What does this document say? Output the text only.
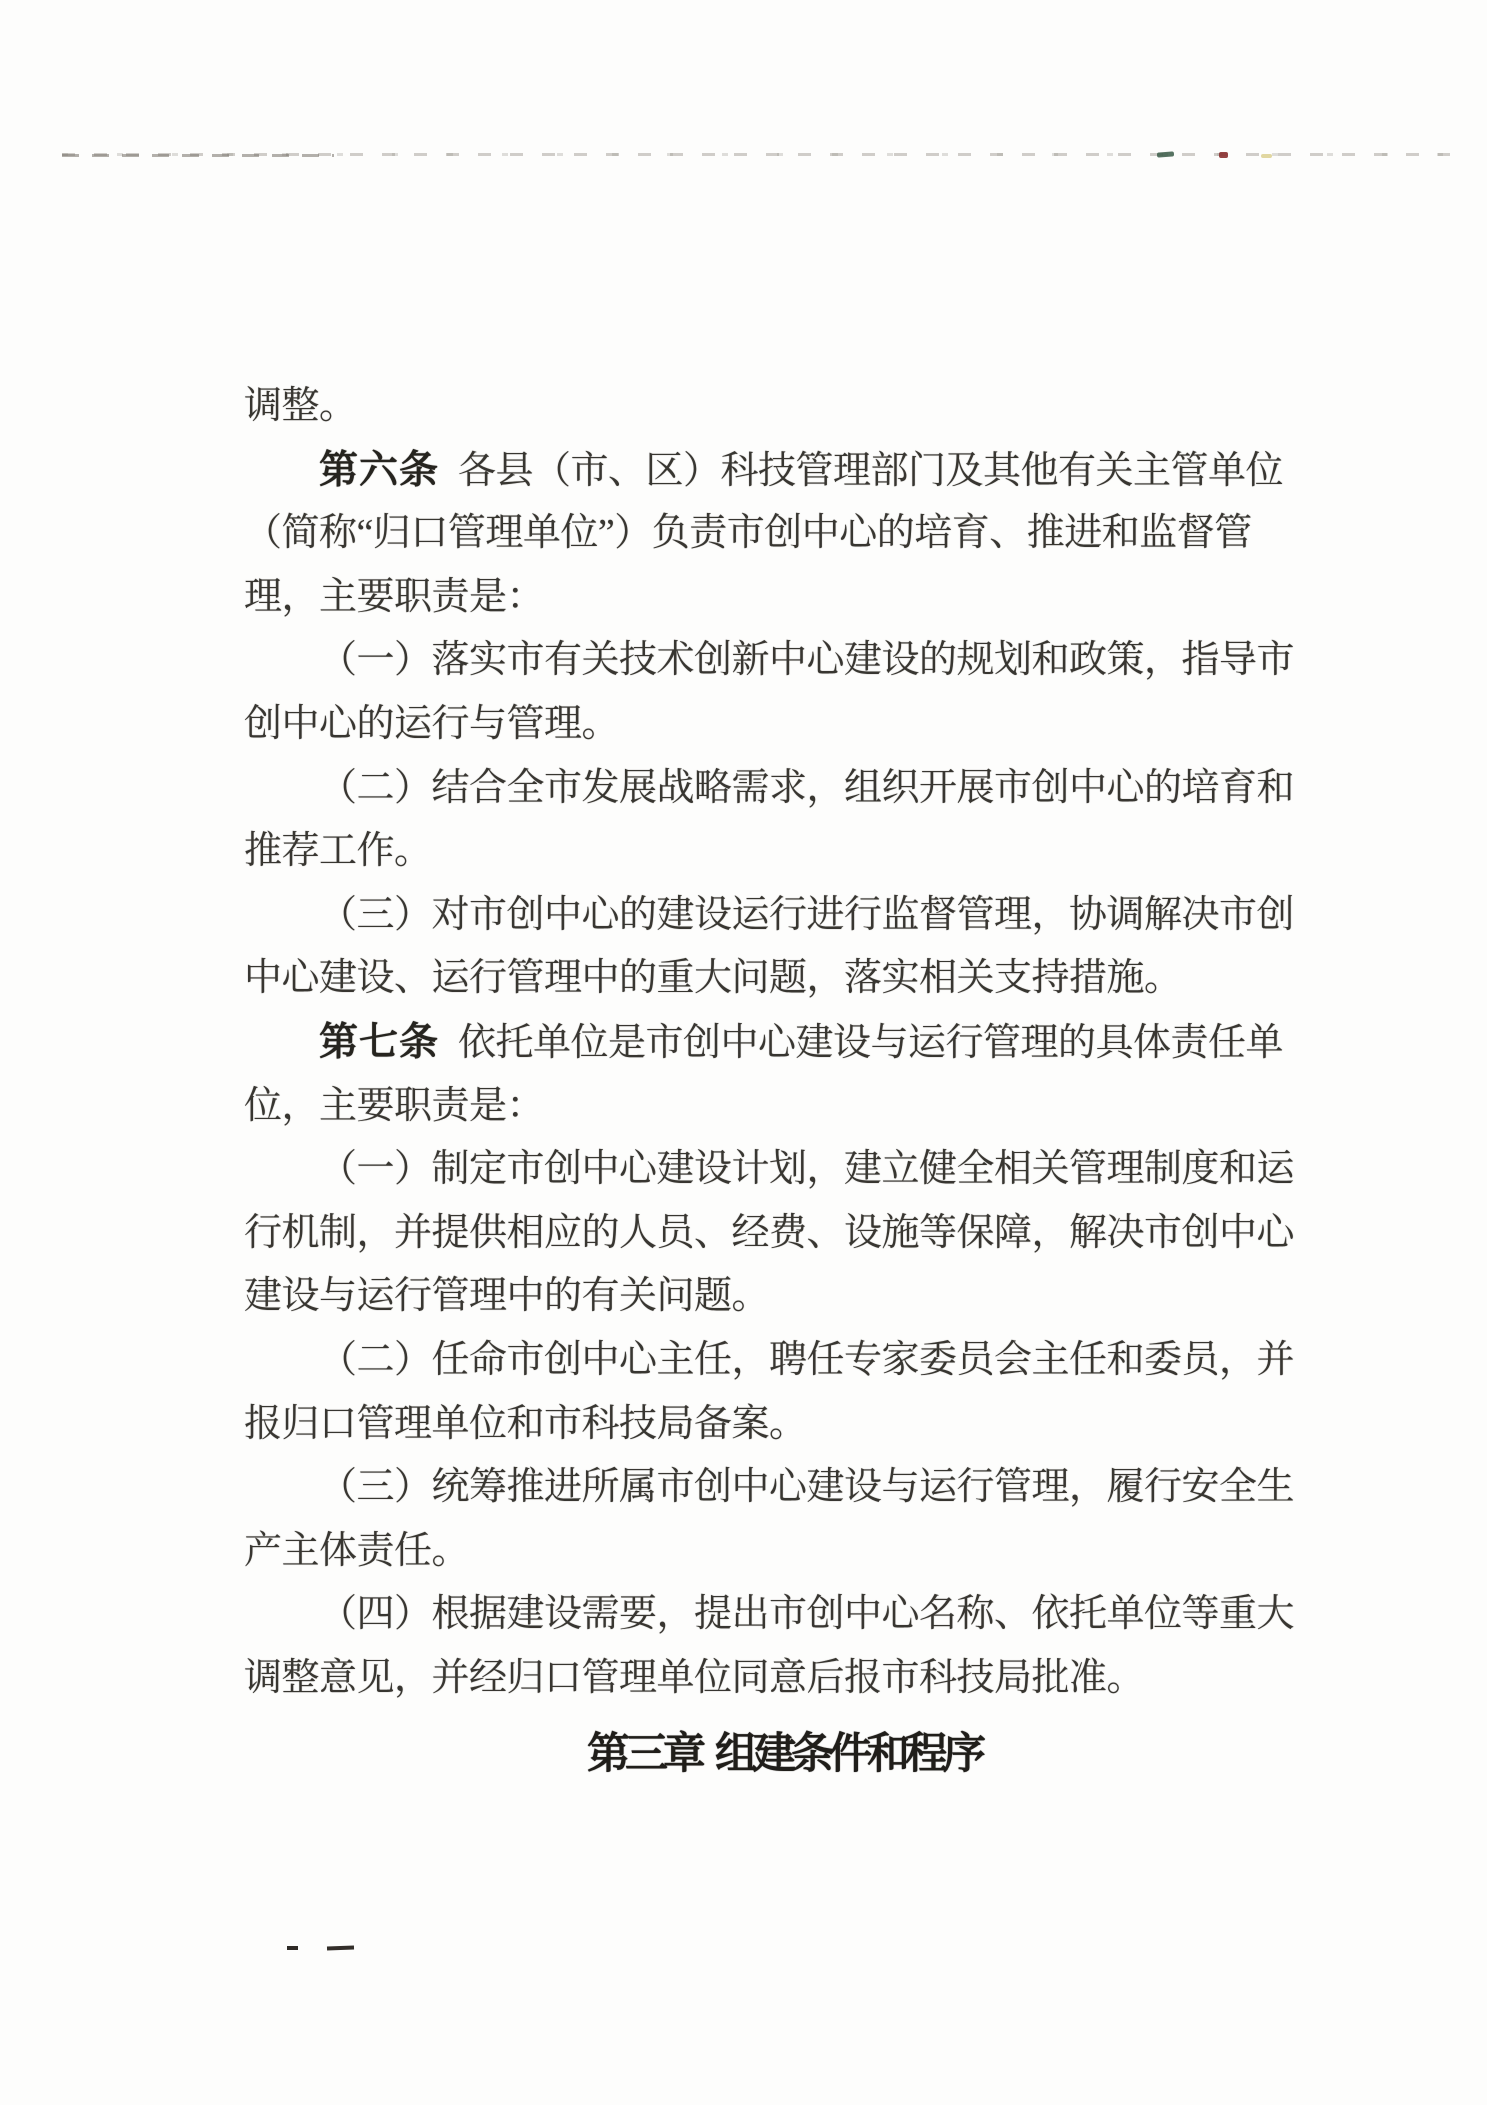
调整。
第六条 各县（市、区）科技管理部门及其他有关主管单位
（简称“归口管理单位”）负责市创中心的培育、推进和监督管
理，主要职责是：
（一）落实市有关技术创新中心建设的规划和政策，指导市
创中心的运行与管理。
（二）结合全市发展战略需求，组织开展市创中心的培育和
推荐工作。
（三）对市创中心的建设运行进行监督管理，协调解决市创
中心建设、运行管理中的重大问题，落实相关支持措施。
第七条 依托单位是市创中心建设与运行管理的具体责任单
位，主要职责是：
（一）制定市创中心建设计划，建立健全相关管理制度和运
行机制，并提供相应的人员、经费、设施等保障，解决市创中心
建设与运行管理中的有关问题。
（二）任命市创中心主任，聘任专家委员会主任和委员，并
报归口管理单位和市科技局备案。
（三）统筹推进所属市创中心建设与运行管理，履行安全生
产主体责任。
（四）根据建设需要，提出市创中心名称、依托单位等重大
调整意见，并经归口管理单位同意后报市科技局批准。
第三章  组建条件和程序
